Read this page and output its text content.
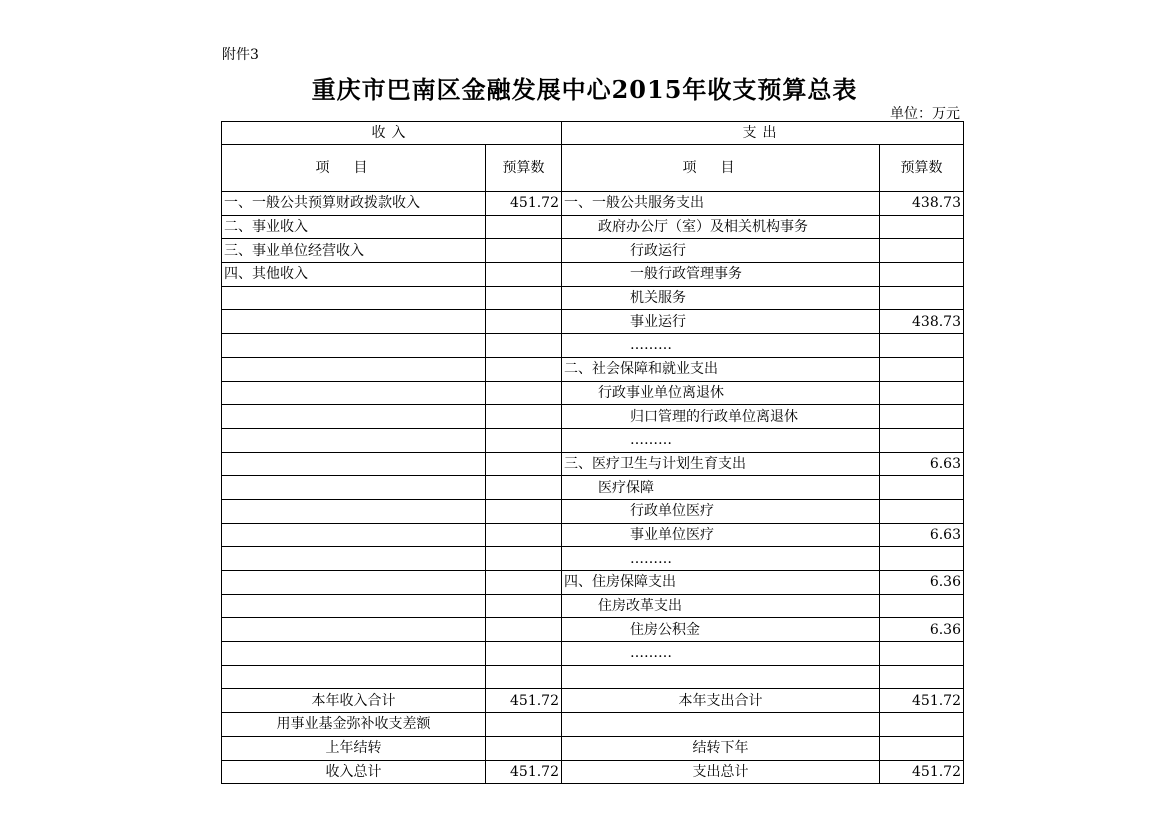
附件3
重庆市巴南区金融发展中心2015年收支预算总表
单位：万元
收入		支出	
项目	预算数	项目	预算数
一、一般公共预算财政拨款收入	451.72	一、一般公共服务支出	438.73
二、事业收入		政府办公厅（室）及相关机构事务	
三、事业单位经营收入		行政运行	
四、其他收入		一般行政管理事务	
		机关服务	
		事业运行	438.73
		………	
		二、社会保障和就业支出	
		行政事业单位离退休	
		归口管理的行政单位离退休	
		………	
		三、医疗卫生与计划生育支出	6.63
		医疗保障	
		行政单位医疗	
		事业单位医疗	6.63
		………	
		四、住房保障支出	6.36
		住房改革支出	
		住房公积金	6.36
		………	

本年收入合计	451.72	本年支出合计	451.72
用事业基金弥补收支差额			
上年结转		结转下年	
收入总计	451.72	支出总计	451.72
